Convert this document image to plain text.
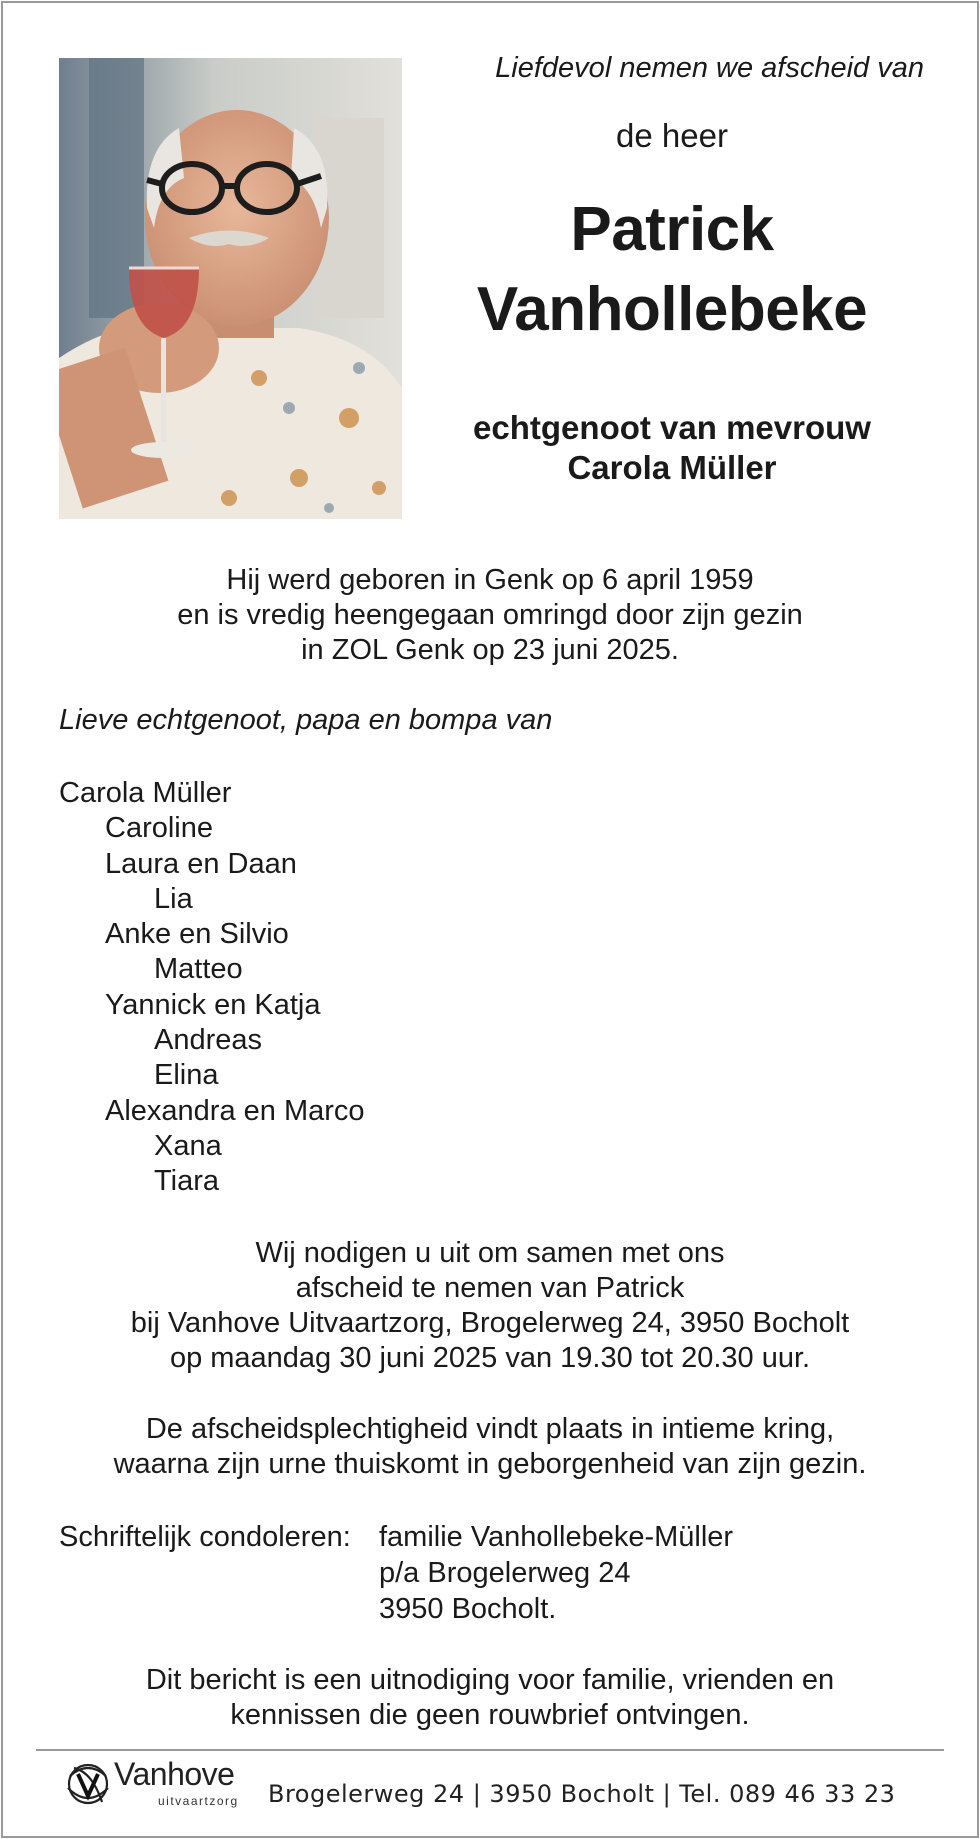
Liefdevol nemen we afscheid van
de heer
Patrick
Vanhollebeke
echtgenoot van mevrouw
Carola Müller
Hij werd geboren in Genk op 6 april 1959
en is vredig heengegaan omringd door zijn gezin
in ZOL Genk op 23 juni 2025.
Lieve echtgenoot, papa en bompa van
Carola Müller
Caroline
Laura en Daan
Lia
Anke en Silvio
Matteo
Yannick en Katja
Andreas
Elina
Alexandra en Marco
Xana
Tiara
Wij nodigen u uit om samen met ons
afscheid te nemen van Patrick
bij Vanhove Uitvaartzorg, Brogelerweg 24, 3950 Bocholt
op maandag 30 juni 2025 van 19.30 tot 20.30 uur.
De afscheidsplechtigheid vindt plaats in intieme kring,
waarna zijn urne thuiskomt in geborgenheid van zijn gezin.
Schriftelijk condoleren: familie Vanhollebeke-Müller
p/a Brogelerweg 24
3950 Bocholt.
Dit bericht is een uitnodiging voor familie, vrienden en
kennissen die geen rouwbrief ontvingen.
Vanhove
uitvaartzorg Brogelerweg 24 | 3950 Bocholt | Tel. 089 46 33 23
